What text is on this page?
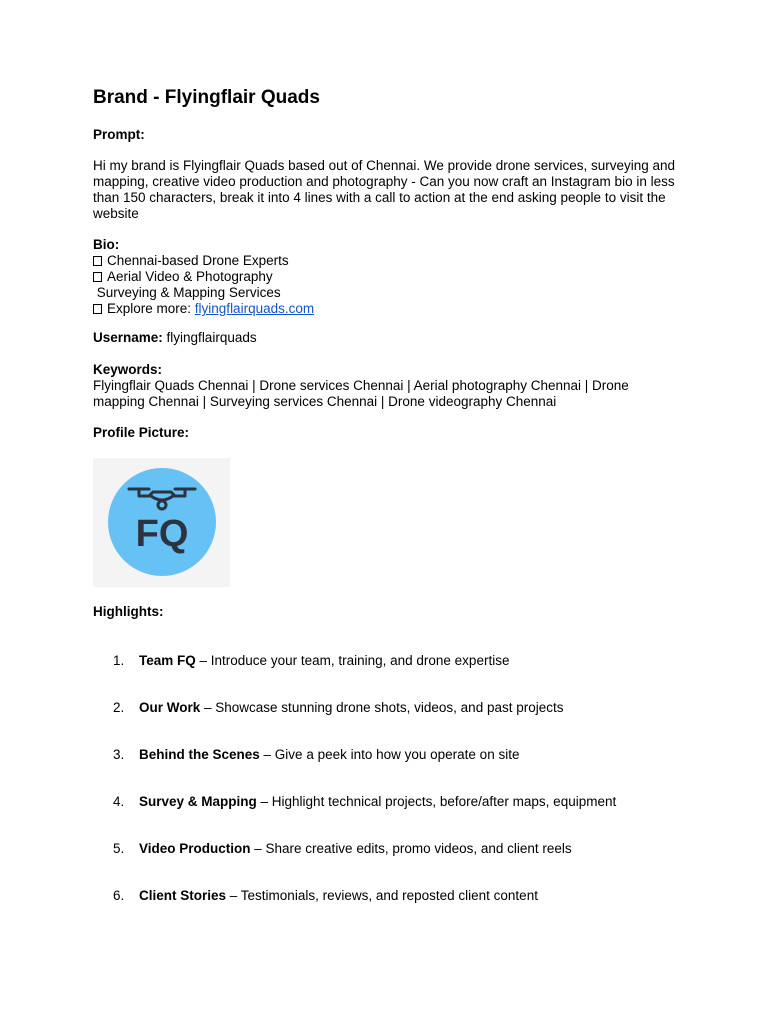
Brand - Flyingflair Quads
Prompt:
Hi my brand is Flyingflair Quads based out of Chennai. We provide drone services, surveying and mapping, creative video production and photography - Can you now craft an Instagram bio in less than 150 characters, break it into 4 lines with a call to action at the end asking people to visit the website
Bio:
Chennai-based Drone Experts
Aerial Video & Photography
Surveying & Mapping Services
Explore more: flyingflairquads.com
Username: flyingflairquads
Keywords:
Flyingflair Quads Chennai | Drone services Chennai | Aerial photography Chennai | Drone mapping Chennai | Surveying services Chennai | Drone videography Chennai
Profile Picture:
FQ
Highlights:
1. Team FQ – Introduce your team, training, and drone expertise
2. Our Work – Showcase stunning drone shots, videos, and past projects
3. Behind the Scenes – Give a peek into how you operate on site
4. Survey & Mapping – Highlight technical projects, before/after maps, equipment
5. Video Production – Share creative edits, promo videos, and client reels
6. Client Stories – Testimonials, reviews, and reposted client content
